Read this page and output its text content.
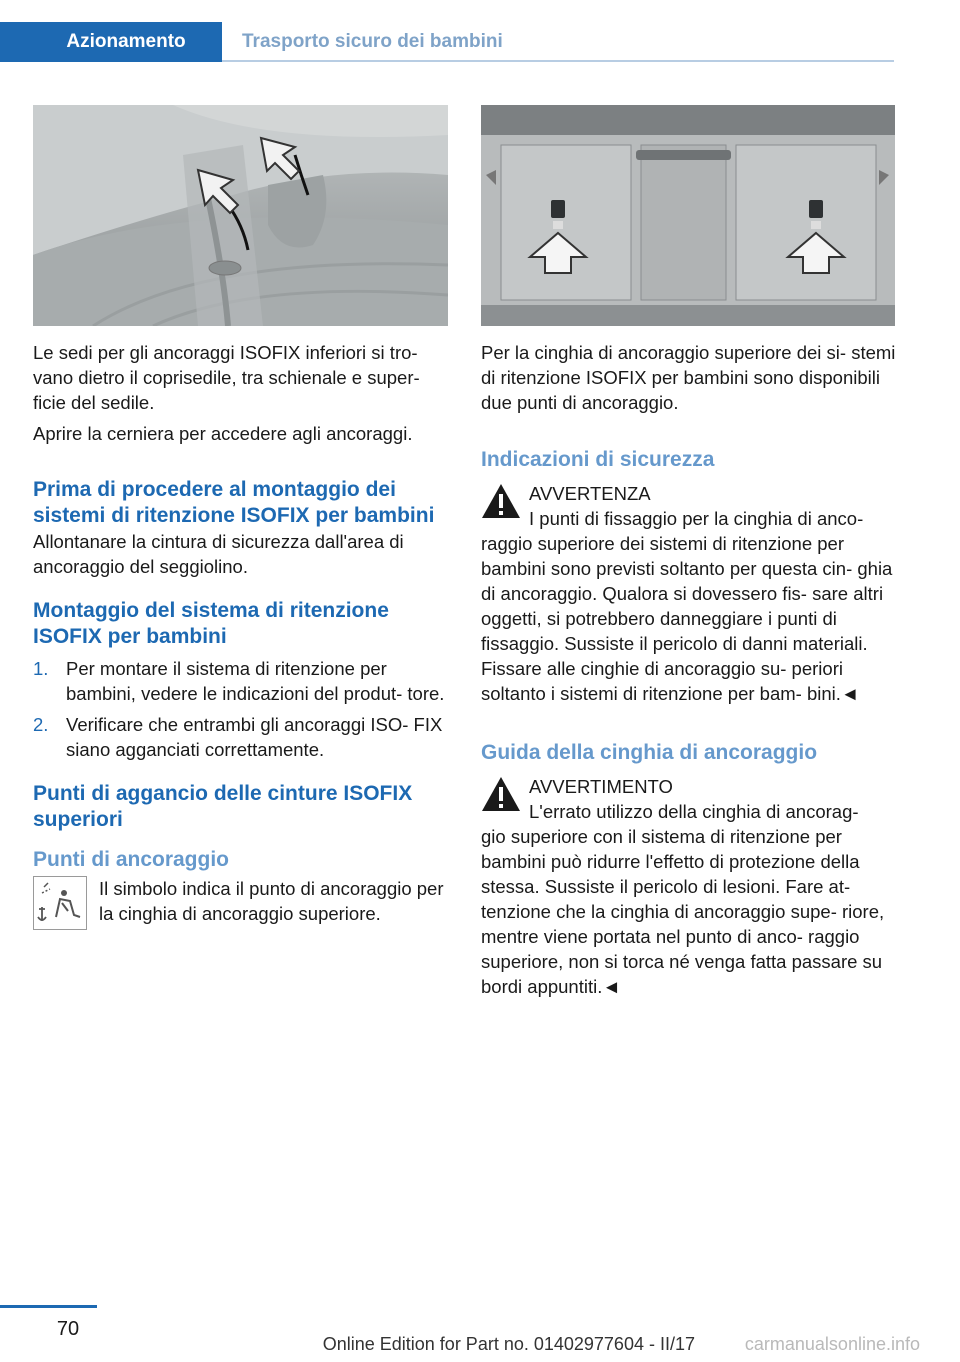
Azionamento	Trasporto sicuro dei bambini

Le sedi per gli ancoraggi ISOFIX inferiori si tro- vano dietro il coprisedile, tra schienale e super- ficie del sedile.

Aprire la cerniera per accedere agli ancoraggi.

Prima di procedere al montaggio dei sistemi di ritenzione ISOFIX per bambini

Allontanare la cintura di sicurezza dall'area di ancoraggio del seggiolino.

Montaggio del sistema di ritenzione ISOFIX per bambini
1. Per montare il sistema di ritenzione per bambini, vedere le indicazioni del produt- tore.
2. Verificare che entrambi gli ancoraggi ISO- FIX siano agganciati correttamente.
Punti di aggancio delle cinture ISOFIX superiori
Punti di ancoraggio

Il simbolo indica il punto di ancoraggio per la cinghia di ancoraggio superiore.

Per la cinghia di ancoraggio superiore dei si- stemi di ritenzione ISOFIX per bambini sono disponibili due punti di ancoraggio.

Indicazioni di sicurezza
AVVERTENZA
I punti di fissaggio per la cinghia di anco-

raggio superiore dei sistemi di ritenzione per bambini sono previsti soltanto per questa cin- ghia di ancoraggio. Qualora si dovessero fis- sare altri oggetti, si potrebbero danneggiare i punti di fissaggio. Sussiste il pericolo di danni materiali. Fissare alle cinghie di ancoraggio su- periori soltanto i sistemi di ritenzione per bam- bini.◄

Guida della cinghia di ancoraggio
AVVERTIMENTO
L'errato utilizzo della cinghia di ancorag-

gio superiore con il sistema di ritenzione per bambini può ridurre l'effetto di protezione della stessa. Sussiste il pericolo di lesioni. Fare at- tenzione che la cinghia di ancoraggio supe- riore, mentre viene portata nel punto di anco- raggio superiore, non si torca né venga fatta passare su bordi appuntiti.◄

70
Online Edition for Part no. 01402977604 - II/17	carmanualsonline.info
